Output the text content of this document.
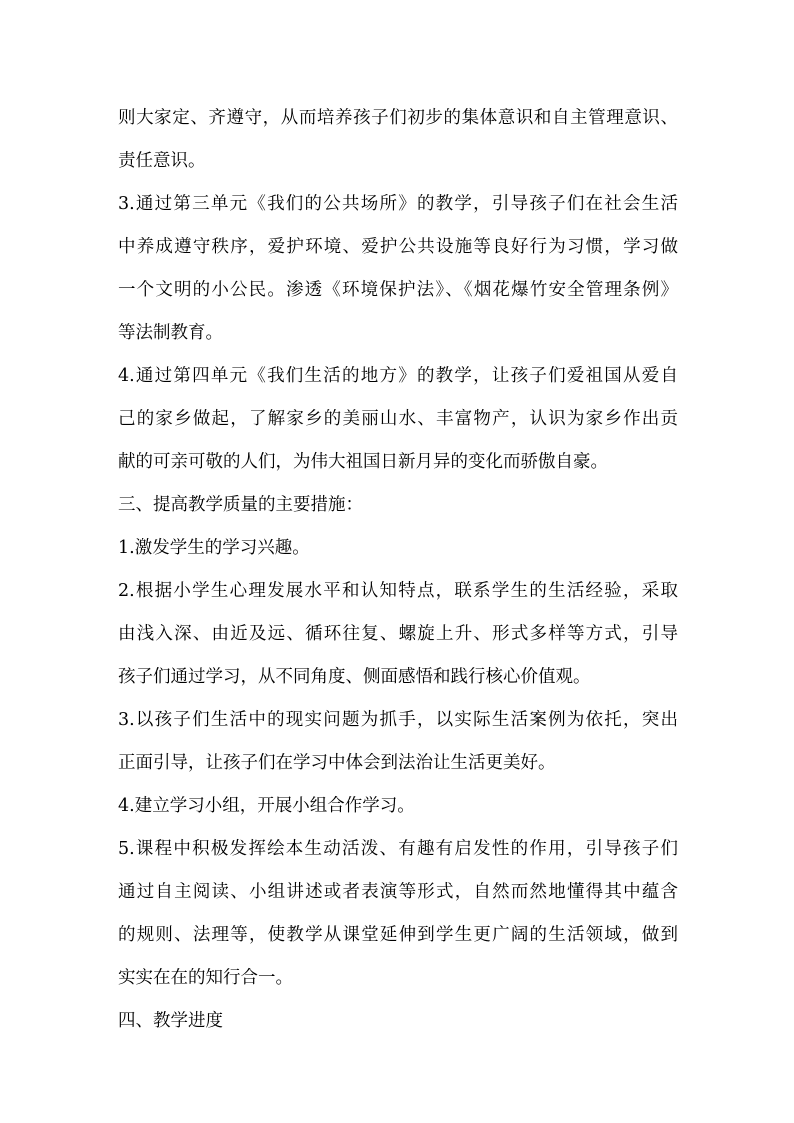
则大家定、齐遵守，从而培养孩子们初步的集体意识和自主管理意识、
责任意识。
3.通过第三单元《我们的公共场所》的教学，引导孩子们在社会生活
中养成遵守秩序，爱护环境、爱护公共设施等良好行为习惯，学习做
一个文明的小公民。渗透《环境保护法》、《烟花爆竹安全管理条例》
等法制教育。
4.通过第四单元《我们生活的地方》的教学，让孩子们爱祖国从爱自
己的家乡做起，了解家乡的美丽山水、丰富物产，认识为家乡作出贡
献的可亲可敬的人们，为伟大祖国日新月异的变化而骄傲自豪。
三、提高教学质量的主要措施：
1.激发学生的学习兴趣。
2.根据小学生心理发展水平和认知特点，联系学生的生活经验，采取
由浅入深、由近及远、循环往复、螺旋上升、形式多样等方式，引导
孩子们通过学习，从不同角度、侧面感悟和践行核心价值观。
3.以孩子们生活中的现实问题为抓手，以实际生活案例为依托，突出
正面引导，让孩子们在学习中体会到法治让生活更美好。
4.建立学习小组，开展小组合作学习。
5.课程中积极发挥绘本生动活泼、有趣有启发性的作用，引导孩子们
通过自主阅读、小组讲述或者表演等形式，自然而然地懂得其中蕴含
的规则、法理等，使教学从课堂延伸到学生更广阔的生活领域，做到
实实在在的知行合一。
四、教学进度
